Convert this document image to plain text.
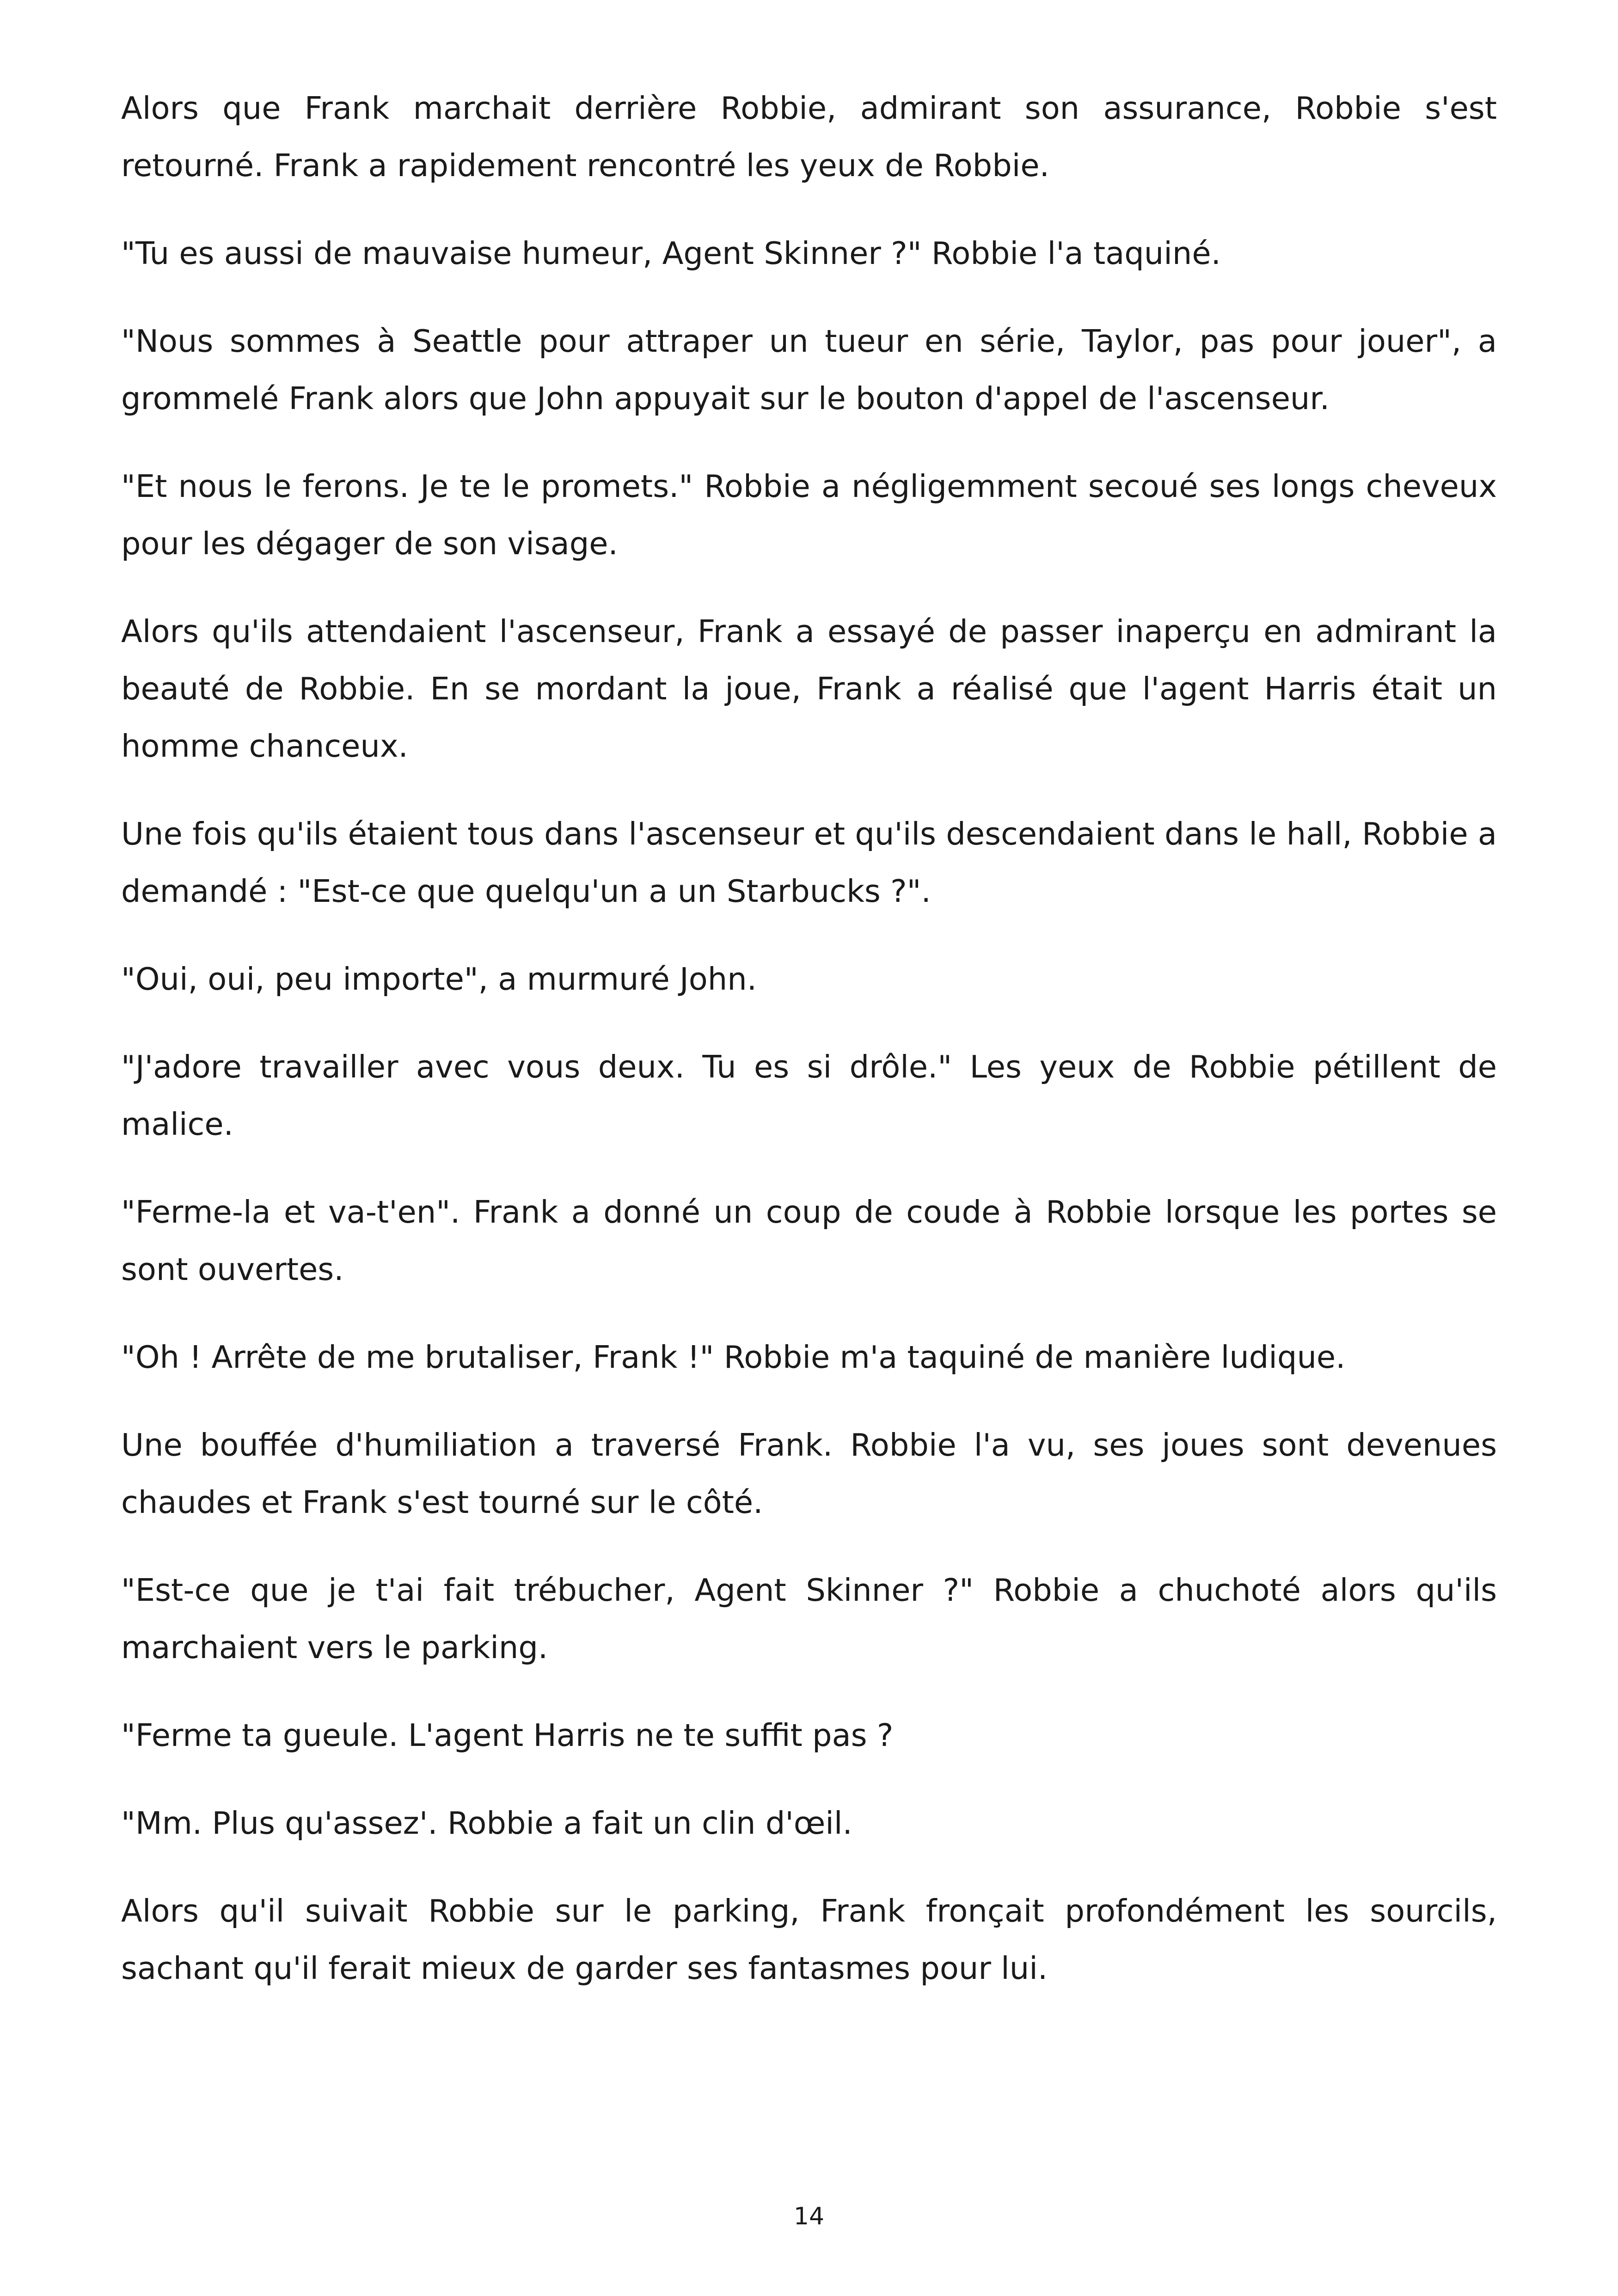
Alors que Frank marchait derrière Robbie, admirant son assurance, Robbie s'est retourné. Frank a rapidement rencontré les yeux de Robbie.

"Tu es aussi de mauvaise humeur, Agent Skinner ?" Robbie l'a taquiné.

"Nous sommes à Seattle pour attraper un tueur en série, Taylor, pas pour jouer", a grommelé Frank alors que John appuyait sur le bouton d'appel de l'ascenseur.

"Et nous le ferons. Je te le promets." Robbie a négligemment secoué ses longs cheveux pour les dégager de son visage.

Alors qu'ils attendaient l'ascenseur, Frank a essayé de passer inaperçu en admirant la beauté de Robbie. En se mordant la joue, Frank a réalisé que l'agent Harris était un homme chanceux.

Une fois qu'ils étaient tous dans l'ascenseur et qu'ils descendaient dans le hall, Robbie a demandé : "Est-ce que quelqu'un a un Starbucks ?".

"Oui, oui, peu importe", a murmuré John.

"J'adore travailler avec vous deux. Tu es si drôle." Les yeux de Robbie pétillent de malice.

"Ferme-la et va-t'en". Frank a donné un coup de coude à Robbie lorsque les portes se sont ouvertes.

"Oh ! Arrête de me brutaliser, Frank !" Robbie m'a taquiné de manière ludique.

Une bouffée d'humiliation a traversé Frank. Robbie l'a vu, ses joues sont devenues chaudes et Frank s'est tourné sur le côté.

"Est-ce que je t'ai fait trébucher, Agent Skinner ?" Robbie a chuchoté alors qu'ils marchaient vers le parking.

"Ferme ta gueule. L'agent Harris ne te suffit pas ?

"Mm. Plus qu'assez'. Robbie a fait un clin d'œil.

Alors qu'il suivait Robbie sur le parking, Frank fronçait profondément les sourcils, sachant qu'il ferait mieux de garder ses fantasmes pour lui.

14
